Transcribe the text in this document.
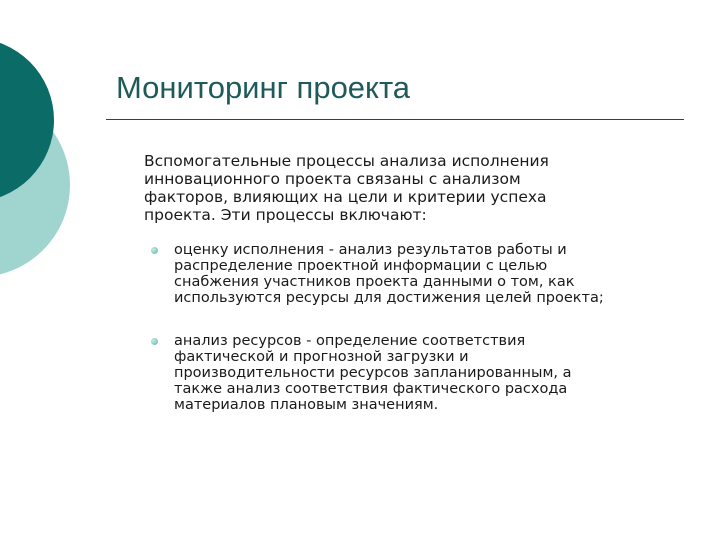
Мониторинг проекта

Вспомогательные процессы анализа исполнения
инновационного проекта связаны с анализом
факторов, влияющих на цели и критерии успеха
проекта. Эти процессы включают:

оценку исполнения - анализ результатов работы и
распределение проектной информации с целью
снабжения участников проекта данными о том, как
используются ресурсы для достижения целей проекта;

анализ ресурсов - определение соответствия
фактической и прогнозной загрузки и
производительности ресурсов запланированным, а
также анализ соответствия фактического расхода
материалов плановым значениям.
